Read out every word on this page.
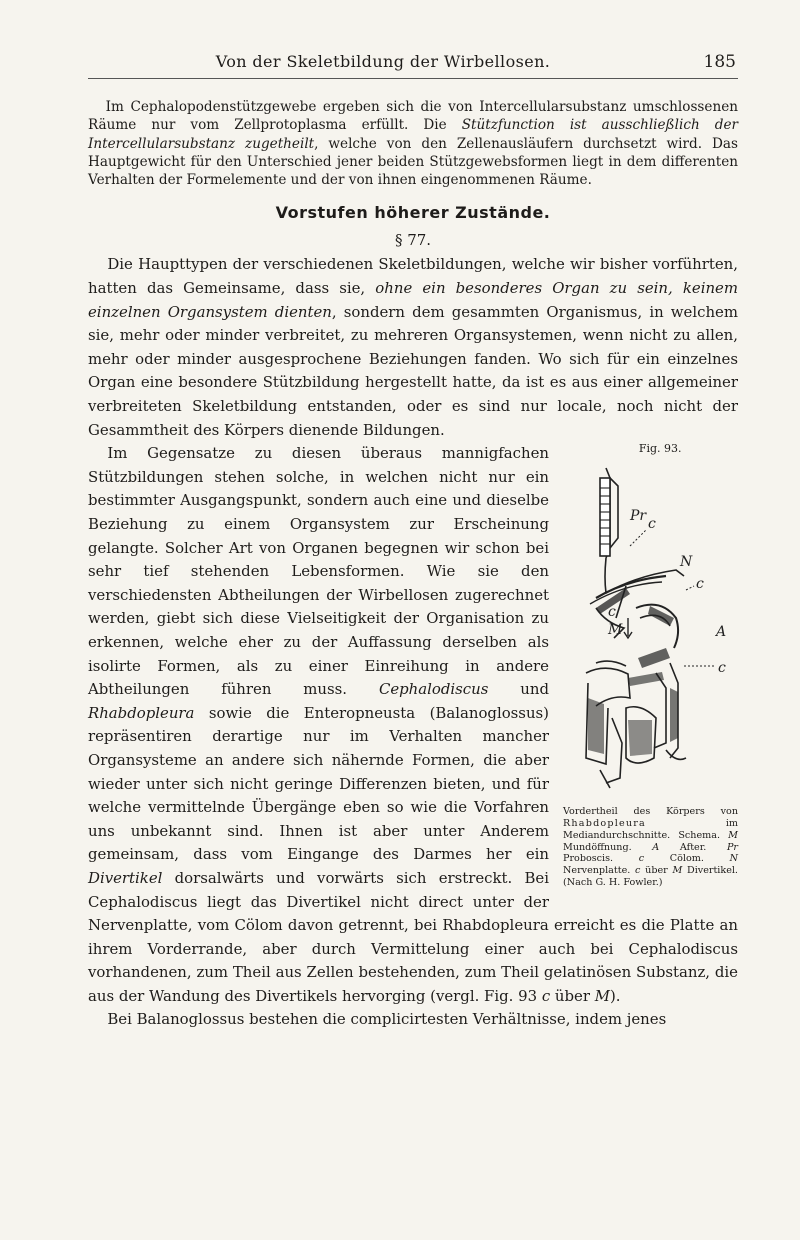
Von der Skeletbildung der Wirbellosen.	185

Im Cephalopodenstützgewebe ergeben sich die von Intercellularsubstanz umschlossenen Räume nur vom Zellprotoplasma erfüllt. Die Stützfunction ist ausschließlich der Intercellularsubstanz zugetheilt, welche von den Zellenausläufern durchsetzt wird. Das Hauptgewicht für den Unterschied jener beiden Stützgewebsformen liegt in dem differenten Verhalten der Formelemente und der von ihnen eingenommenen Räume.

Vorstufen höherer Zustände.
§ 77.

Die Haupttypen der verschiedenen Skeletbildungen, welche wir bisher vorführten, hatten das Gemeinsame, dass sie, ohne ein besonderes Organ zu sein, keinem einzelnen Organsystem dienten, sondern dem gesammten Organismus, in welchem sie, mehr oder minder verbreitet, zu mehreren Organsystemen, wenn nicht zu allen, mehr oder minder ausgesprochene Beziehungen fanden. Wo sich für ein einzelnes Organ eine besondere Stützbildung hergestellt hatte, da ist es aus einer allgemeiner verbreiteten Skeletbildung entstanden, oder es sind nur locale, noch nicht der Gesammtheit des Körpers dienende Bildungen.

Fig. 93.
Pr c
N
c
c
M	A
c
Vordertheil des Körpers von Rhabdopleura im Mediandurchschnitte. Schema. M Mundöffnung. A After. Pr Proboscis. c Cölom. N Nervenplatte. c über M Divertikel. (Nach G. H. Fowler.)
Im Gegensatze zu diesen überaus mannigfachen Stützbildungen stehen solche, in welchen nicht nur ein bestimmter Ausgangspunkt, sondern auch eine und dieselbe Beziehung zu einem Organsystem zur Erscheinung gelangte. Solcher Art von Organen begegnen wir schon bei sehr tief stehenden Lebensformen. Wie sie den verschiedensten Abtheilungen der Wirbellosen zugerechnet werden, giebt sich diese Vielseitigkeit der Organisation zu erkennen, welche eher zu der Auffassung derselben als isolirte Formen, als zu einer Einreihung in andere Abtheilungen führen muss. Cephalodiscus und Rhabdopleura sowie die Enteropneusta (Balanoglossus) repräsentiren derartige nur im Verhalten mancher Organsysteme an andere sich nähernde Formen, die aber wieder unter sich nicht geringe Differenzen bieten, und für welche vermittelnde Übergänge eben so wie die Vorfahren uns unbekannt sind. Ihnen ist aber unter Anderem gemeinsam, dass vom Eingange des Darmes her ein Divertikel dorsalwärts und vorwärts sich erstreckt. Bei Cephalodiscus liegt das Divertikel nicht direct unter der Nervenplatte, vom Cölom davon getrennt, bei Rhabdopleura erreicht es die Platte an ihrem Vorderrande, aber durch Vermittelung einer auch bei Cephalodiscus vorhandenen, zum Theil aus Zellen bestehenden, zum Theil gelatinösen Substanz, die aus der Wandung des Divertikels hervorging (vergl. Fig. 93 c über M).

Bei Balanoglossus bestehen die complicirtesten Verhältnisse, indem jenes
